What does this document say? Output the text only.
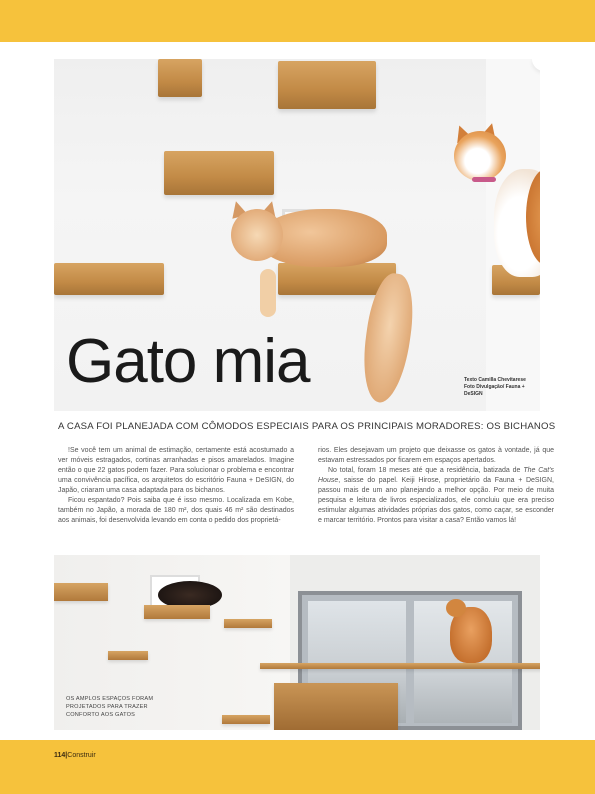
Gato mia	Texto Camilla Chevitarese
Foto Divulgação/ Fauna + DeSIGN
A CASA FOI PLANEJADA COM CÔMODOS ESPECIAIS PARA OS PRINCIPAIS MORADORES: OS BICHANOS

!Se você tem um animal de estimação, certamente está acostumado a ver móveis estragados, cortinas arranhadas e pisos amarelados. Imagine então o que 22 gatos podem fazer. Para solucionar o problema e encontrar uma convivência pacífica, os arquitetos do escritório Fauna + DeSIGN, do Japão, criaram uma casa adaptada para os bichanos.

Ficou espantado? Pois saiba que é isso mesmo. Localizada em Kobe, também no Japão, a morada de 180 m², dos quais 46 m² são destinados aos animais, foi desenvolvida levando em conta o pedido dos proprietá-

rios. Eles desejavam um projeto que deixasse os gatos à vontade, já que estavam estressados por ficarem em espaços apertados.

No total, foram 18 meses até que a residência, batizada de The Cat's House, saisse do papel. Keiji Hirose, proprietário da Fauna + DeSIGN, passou mais de um ano planejando a melhor opção. Por meio de muita pesquisa e leitura de livros especializados, ele concluiu que era preciso estimular algumas atividades próprias dos gatos, como caçar, se esconder e marcar território. Prontos para visitar a casa? Então vamos lá!

OS AMPLOS ESPAÇOS FORAM
PROJETADOS PARA TRAZER
CONFORTO AOS GATOS
114|Construir
